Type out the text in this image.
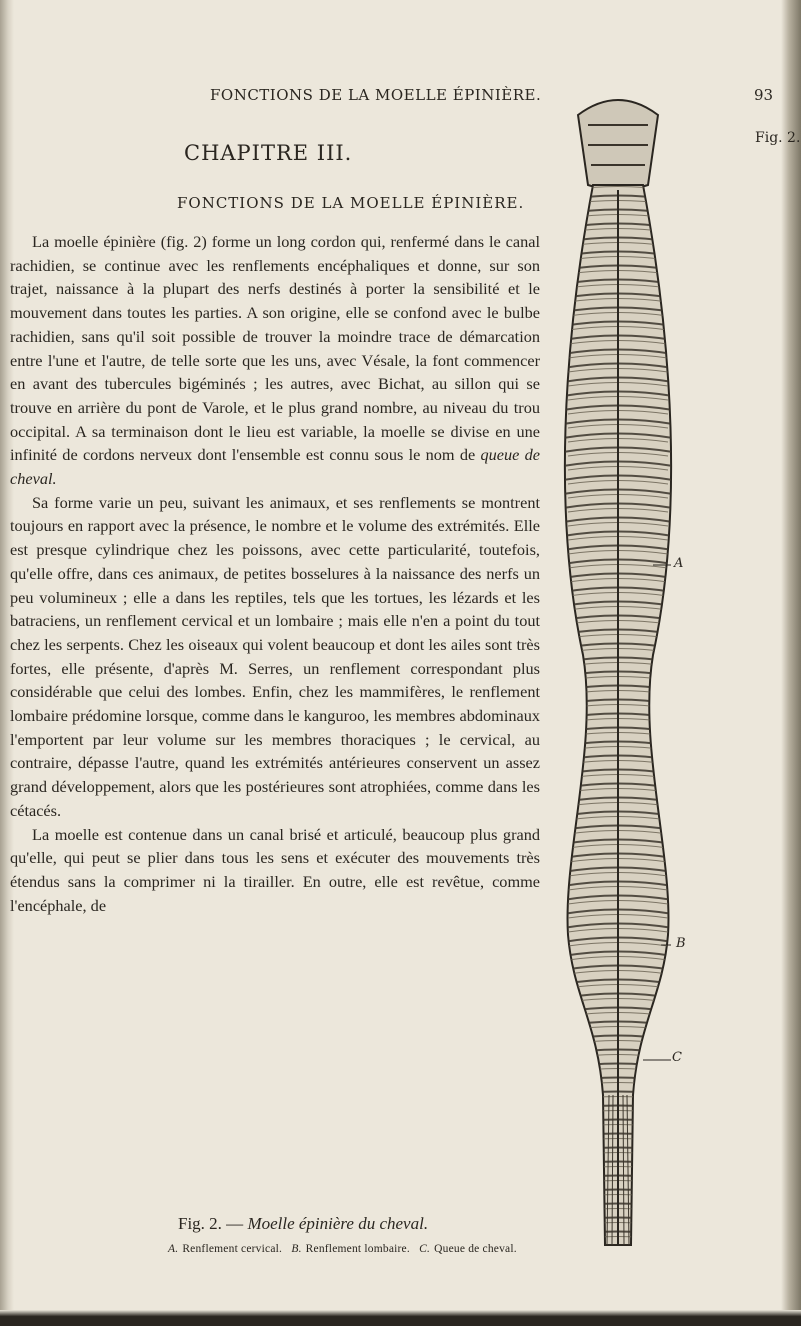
FONCTIONS DE LA MOELLE ÉPINIÈRE.	93
CHAPITRE III.
FONCTIONS DE LA MOELLE ÉPINIÈRE.

La moelle épinière (fig. 2) forme un long cordon qui, renfermé dans le canal rachidien, se continue avec les renflements encéphaliques et donne, sur son trajet, naissance à la plupart des nerfs destinés à porter la sensibilité et le mouvement dans toutes les parties. A son origine, elle se confond avec le bulbe rachidien, sans qu'il soit possible de trouver la moindre trace de démarcation entre l'une et l'autre, de telle sorte que les uns, avec Vésale, la font commencer en avant des tubercules bigéminés ; les autres, avec Bichat, au sillon qui se trouve en arrière du pont de Varole, et le plus grand nombre, au niveau du trou occipital. A sa terminaison dont le lieu est variable, la moelle se divise en une infinité de cordons nerveux dont l'ensemble est connu sous le nom de queue de cheval.

Sa forme varie un peu, suivant les animaux, et ses renflements se montrent toujours en rapport avec la présence, le nombre et le volume des extrémités. Elle est presque cylindrique chez les poissons, avec cette particularité, toutefois, qu'elle offre, dans ces animaux, de petites bosselures à la naissance des nerfs un peu volumineux ; elle a dans les reptiles, tels que les tortues, les lézards et les batraciens, un renflement cervical et un lombaire ; mais elle n'en a point du tout chez les serpents. Chez les oiseaux qui volent beaucoup et dont les ailes sont très fortes, elle présente, d'après M. Serres, un renflement correspondant plus considérable que celui des lombes. Enfin, chez les mammifères, le renflement lombaire prédomine lorsque, comme dans le kanguroo, les membres abdominaux l'emportent par leur volume sur les membres thoraciques ; le cervical, au contraire, dépasse l'autre, quand les extrémités antérieures conservent un assez grand développement, alors que les postérieures sont atrophiées, comme dans les cétacés.

La moelle est contenue dans un canal brisé et articulé, beaucoup plus grand qu'elle, qui peut se plier dans tous les sens et exécuter des mouvements très étendus sans la comprimer ni la tirailler. En outre, elle est revêtue, comme l'encéphale, de

Fig. 2.
A
B
C
Fig. 2. — Moelle épinière du cheval.
A. Renflement cervical. B. Renflement lombaire. C. Queue de cheval.
